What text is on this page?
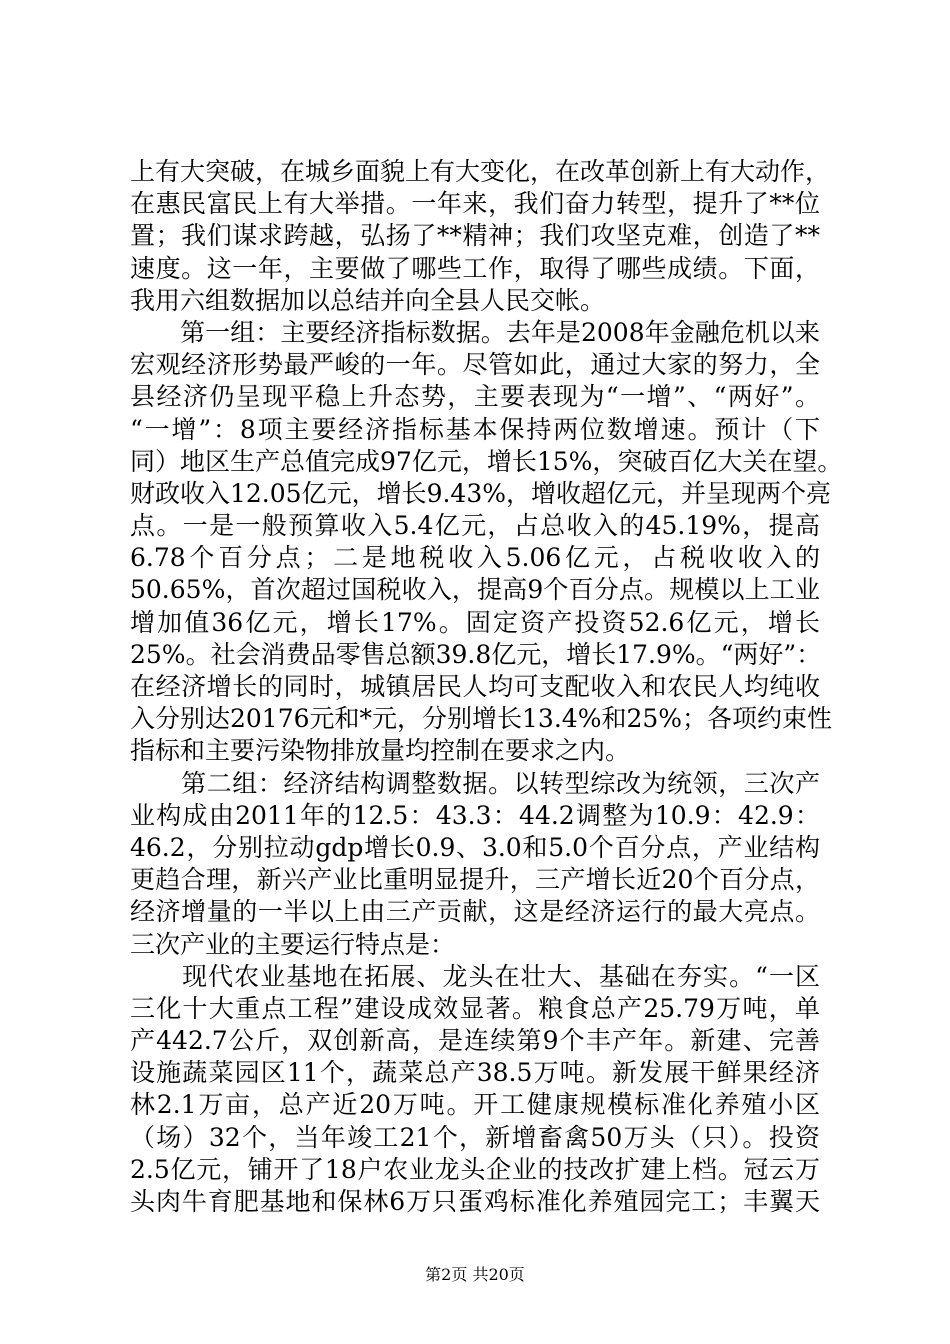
上有大突破，在城乡面貌上有大变化，在改革创新上有大动作，
在惠民富民上有大举措。一年来，我们奋力转型，提升了**位
置；我们谋求跨越，弘扬了**精神；我们攻坚克难，创造了**
速度。这一年，主要做了哪些工作，取得了哪些成绩。下面，
我用六组数据加以总结并向全县人民交帐。
　　第一组：主要经济指标数据。去年是2008年金融危机以来
宏观经济形势最严峻的一年。尽管如此，通过大家的努力，全
县经济仍呈现平稳上升态势，主要表现为“一增”、“两好”。
“一增”：8项主要经济指标基本保持两位数增速。预计（下
同）地区生产总值完成97亿元，增长15%，突破百亿大关在望。
财政收入12.05亿元，增长9.43%，增收超亿元，并呈现两个亮
点。一是一般预算收入5.4亿元，占总收入的45.19%，提高
6.78个百分点；二是地税收入5.06亿元，占税收收入的
50.65%，首次超过国税收入，提高9个百分点。规模以上工业
增加值36亿元，增长17%。固定资产投资52.6亿元，增长
25%。社会消费品零售总额39.8亿元，增长17.9%。“两好”：
在经济增长的同时，城镇居民人均可支配收入和农民人均纯收
入分别达20176元和*元，分别增长13.4%和25%；各项约束性
指标和主要污染物排放量均控制在要求之内。
　　第二组：经济结构调整数据。以转型综改为统领，三次产
业构成由2011年的12.5：43.3：44.2调整为10.9：42.9：
46.2，分别拉动gdp增长0.9、3.0和5.0个百分点，产业结构
更趋合理，新兴产业比重明显提升，三产增长近20个百分点，
经济增量的一半以上由三产贡献，这是经济运行的最大亮点。
三次产业的主要运行特点是：
　　现代农业基地在拓展、龙头在壮大、基础在夯实。“一区
三化十大重点工程”建设成效显著。粮食总产25.79万吨，单
产442.7公斤，双创新高，是连续第9个丰产年。新建、完善
设施蔬菜园区11个，蔬菜总产38.5万吨。新发展干鲜果经济
林2.1万亩，总产近20万吨。开工健康规模标准化养殖小区
（场）32个，当年竣工21个，新增畜禽50万头（只）。投资
2.5亿元，铺开了18户农业龙头企业的技改扩建上档。冠云万
头肉牛育肥基地和保林6万只蛋鸡标准化养殖园完工；丰翼天
第2页 共20页
